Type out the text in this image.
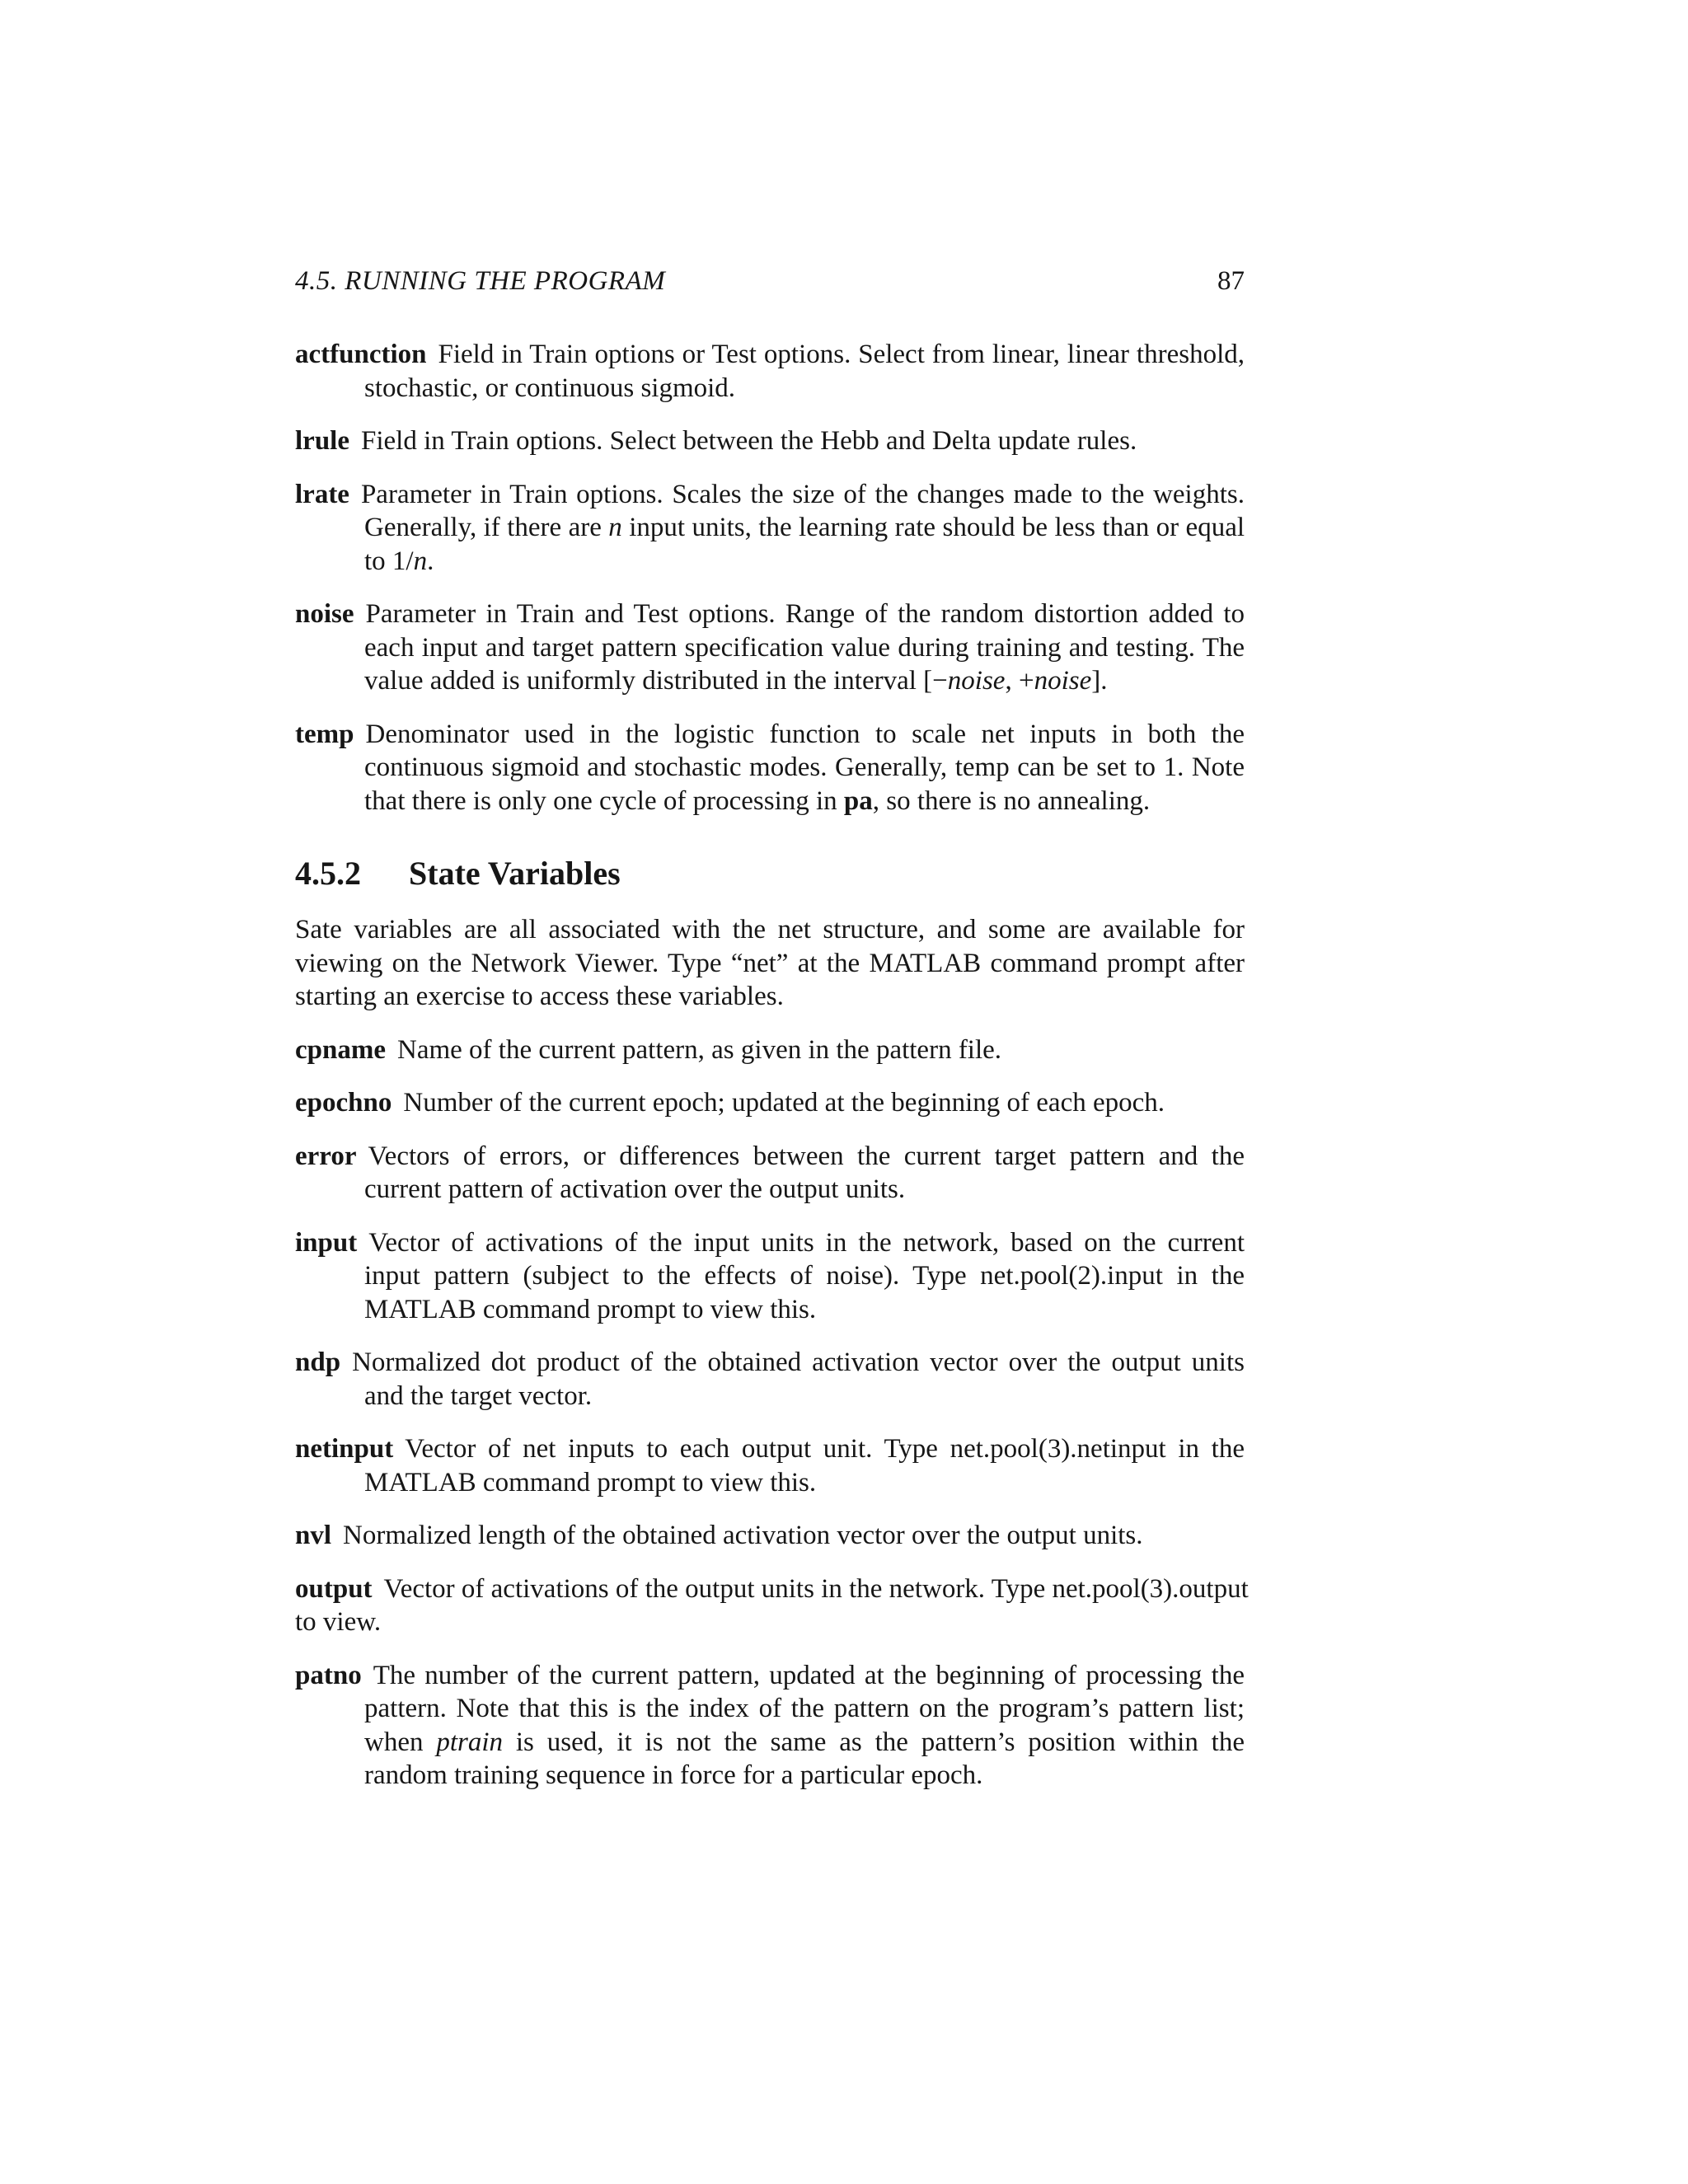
4.5. RUNNING THE PROGRAM	87

actfunction Field in Train options or Test options. Select from linear, linear threshold, stochastic, or continuous sigmoid.

lrule Field in Train options. Select between the Hebb and Delta update rules.

lrate Parameter in Train options. Scales the size of the changes made to the weights. Generally, if there are n input units, the learning rate should be less than or equal to 1/n.

noise Parameter in Train and Test options. Range of the random distortion added to each input and target pattern specification value during training and testing. The value added is uniformly distributed in the interval [−noise, +noise].

temp Denominator used in the logistic function to scale net inputs in both the continuous sigmoid and stochastic modes. Generally, temp can be set to 1. Note that there is only one cycle of processing in pa, so there is no annealing.

4.5.2 State Variables

Sate variables are all associated with the net structure, and some are available for viewing on the Network Viewer. Type “net” at the MATLAB command prompt after starting an exercise to access these variables.

cpname Name of the current pattern, as given in the pattern file.

epochno Number of the current epoch; updated at the beginning of each epoch.

error Vectors of errors, or differences between the current target pattern and the current pattern of activation over the output units.

input Vector of activations of the input units in the network, based on the current input pattern (subject to the effects of noise). Type net.pool(2).input in the MATLAB command prompt to view this.

ndp Normalized dot product of the obtained activation vector over the output units and the target vector.

netinput Vector of net inputs to each output unit. Type net.pool(3).netinput in the MATLAB command prompt to view this.

nvl Normalized length of the obtained activation vector over the output units.

output Vector of activations of the output units in the network. Type net.pool(3).output
to view.

patno The number of the current pattern, updated at the beginning of processing the pattern. Note that this is the index of the pattern on the program’s pattern list; when ptrain is used, it is not the same as the pattern’s position within the random training sequence in force for a particular epoch.
